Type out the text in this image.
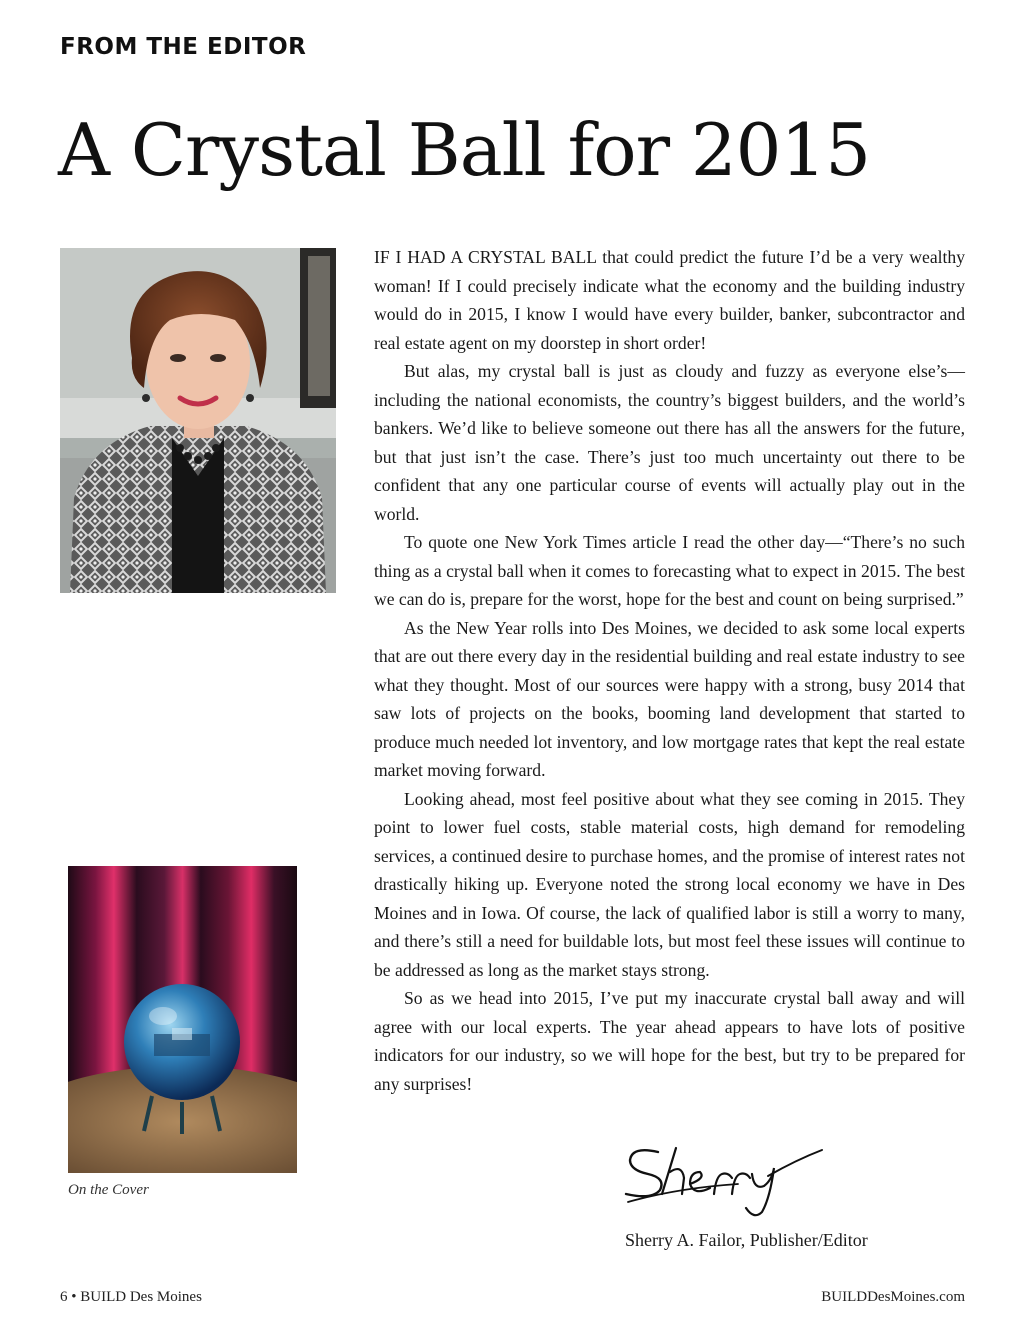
FROM THE EDITOR
A Crystal Ball for 2015
On the Cover

IF I HAD A CRYSTAL BALL that could predict the future I’d be a very wealthy woman! If I could precisely indicate what the economy and the building industry would do in 2015, I know I would have every builder, banker, subcontractor and real estate agent on my doorstep in short order!

But alas, my crystal ball is just as cloudy and fuzzy as everyone else’s—including the national economists, the country’s biggest builders, and the world’s bankers. We’d like to believe someone out there has all the answers for the future, but that just isn’t the case. There’s just too much uncertainty out there to be confident that any one particular course of events will actually play out in the world.

To quote one New York Times article I read the other day—“There’s no such thing as a crystal ball when it comes to forecasting what to expect in 2015. The best we can do is, prepare for the worst, hope for the best and count on being surprised.”

As the New Year rolls into Des Moines, we decided to ask some local experts that are out there every day in the residential building and real estate industry to see what they thought. Most of our sources were happy with a strong, busy 2014 that saw lots of projects on the books, booming land development that started to produce much needed lot inventory, and low mortgage rates that kept the real estate market moving forward.

Looking ahead, most feel positive about what they see coming in 2015. They point to lower fuel costs, stable material costs, high demand for remodeling services, a continued desire to purchase homes, and the promise of interest rates not drastically hiking up. Everyone noted the strong local economy we have in Des Moines and in Iowa. Of course, the lack of qualified labor is still a worry to many, and there’s still a need for buildable lots, but most feel these issues will continue to be addressed as long as the market stays strong.

So as we head into 2015, I’ve put my inaccurate crystal ball away and will agree with our local experts. The year ahead appears to have lots of positive indicators for our industry, so we will hope for the best, but try to be prepared for any surprises!

Sherry A. Failor, Publisher/Editor
6 • BUILD Des Moines	BUILDDesMoines.com
